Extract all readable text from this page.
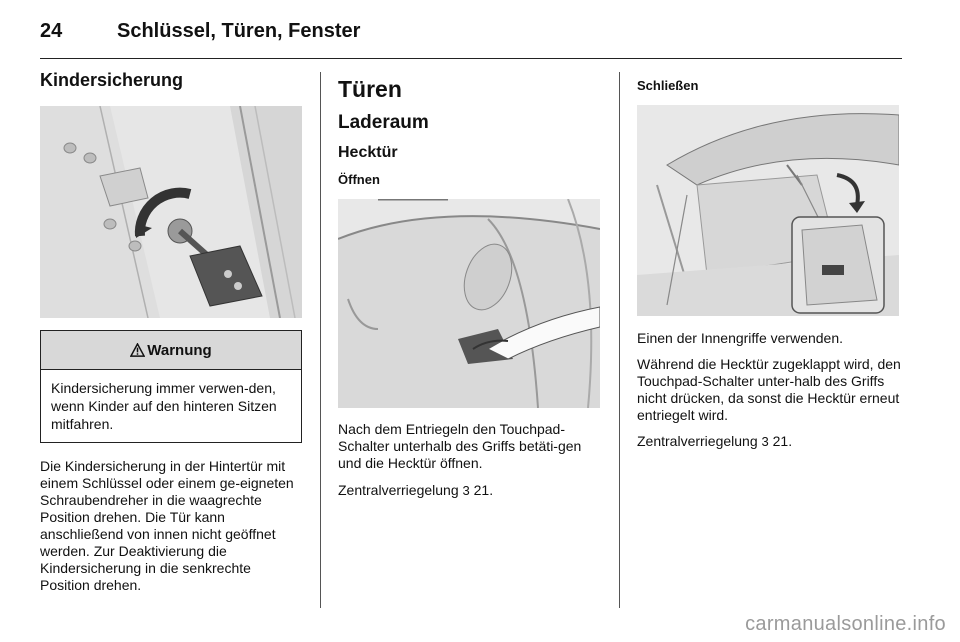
24	Schlüssel, Türen, Fenster
Kindersicherung
Warnung
Kindersicherung immer verwen-den, wenn Kinder auf den hinteren Sitzen mitfahren.

Die Kindersicherung in der Hintertür mit einem Schlüssel oder einem ge-eigneten Schraubendreher in die waagrechte Position drehen. Die Tür kann anschließend von innen nicht geöffnet werden. Zur Deaktivierung die Kindersicherung in die senkrechte Position drehen.

Türen
Laderaum
Hecktür
Öffnen

Nach dem Entriegeln den Touchpad-Schalter unterhalb des Griffs betäti-gen und die Hecktür öffnen.

Zentralverriegelung 3 21.

Schließen

Einen der Innengriffe verwenden.

Während die Hecktür zugeklappt wird, den Touchpad-Schalter unter-halb des Griffs nicht drücken, da sonst die Hecktür erneut entriegelt wird.

Zentralverriegelung 3 21.

carmanualsonline.info
